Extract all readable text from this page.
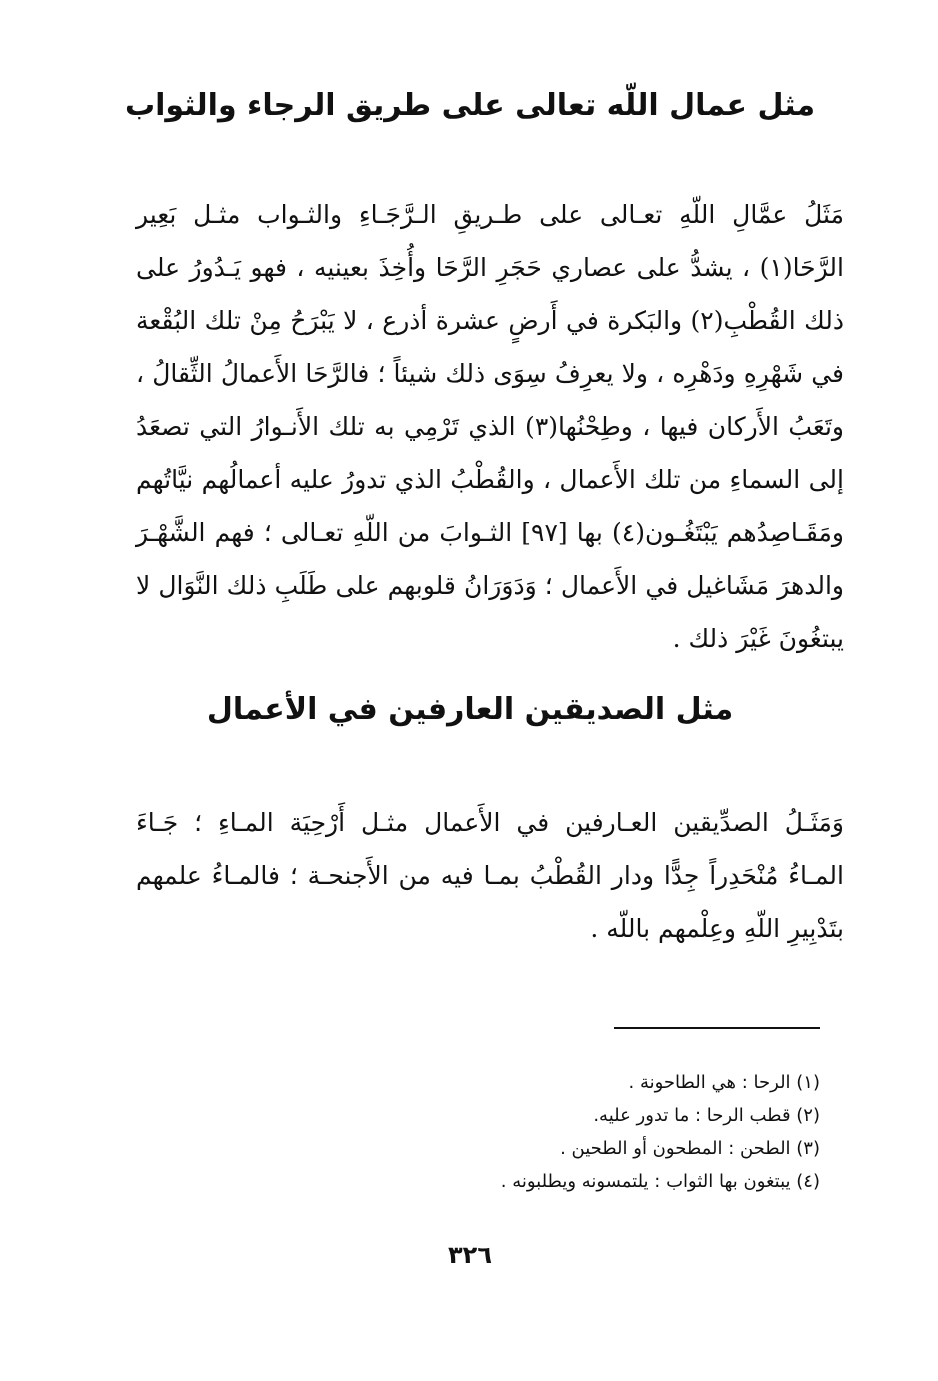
مثل عمال اللّه تعالى على طريق الرجاء والثواب
مَثَلُ عمَّالِ اللّهِ تعـالى على طـريقِ الـرَّجَـاءِ والثـواب مثـل بَعِير
الرَّحَا(١) ، يشدُّ على عصاري حَجَرِ الرَّحَا وأُخِذَ بعينيه ، فهو يَـدُورُ على
ذلك القُطْبِ(٢) والبَكرة في أَرضٍ عشرة أذرع ، لا يَبْرَحُ مِنْ تلك البُقْعة
في شَهْرِهِ ودَهْرِه ، ولا يعرِفُ سِوَى ذلك شيئاً ؛ فالرَّحَا الأَعمالُ الثِّقالُ ،
وتَعَبُ الأَركان فيها ، وطِحْنُها(٣) الذي تَرْمِي به تلك الأَنـوارُ التي تصعَدُ
إلى السماءِ من تلك الأَعمال ، والقُطْبُ الذي تدورُ عليه أعمالُهم نيَّاتُهم
ومَقَـاصِدُهم يَبْتَغُـون(٤) بها [٩٧] الثـوابَ من اللّهِ تعـالى ؛ فهم الشَّهْـرَ
والدهرَ مَشَاغيل في الأَعمال ؛ وَدَوَرَانُ قلوبهم على طَلَبِ ذلك النَّوَال لا
يبتغُونَ غَيْرَ ذلك .
مثل الصديقين العارفين في الأعمال
وَمَثَـلُ الصدِّيقين العـارفين في الأَعمال مثـل أَرْحِيَة المـاءِ ؛ جَـاءَ
المـاءُ مُنْحَدِراً جِدًّا ودار القُطْبُ بمـا فيه من الأَجنحـة ؛ فالمـاءُ علمهم
بتَدْبِيرِ اللّهِ وعِلْمهم باللّه .
(١) الرحا : هي الطاحونة .
(٢) قطب الرحا : ما تدور عليه.
(٣) الطحن : المطحون أو الطحين .
(٤) يبتغون بها الثواب : يلتمسونه ويطلبونه .
٣٢٦
